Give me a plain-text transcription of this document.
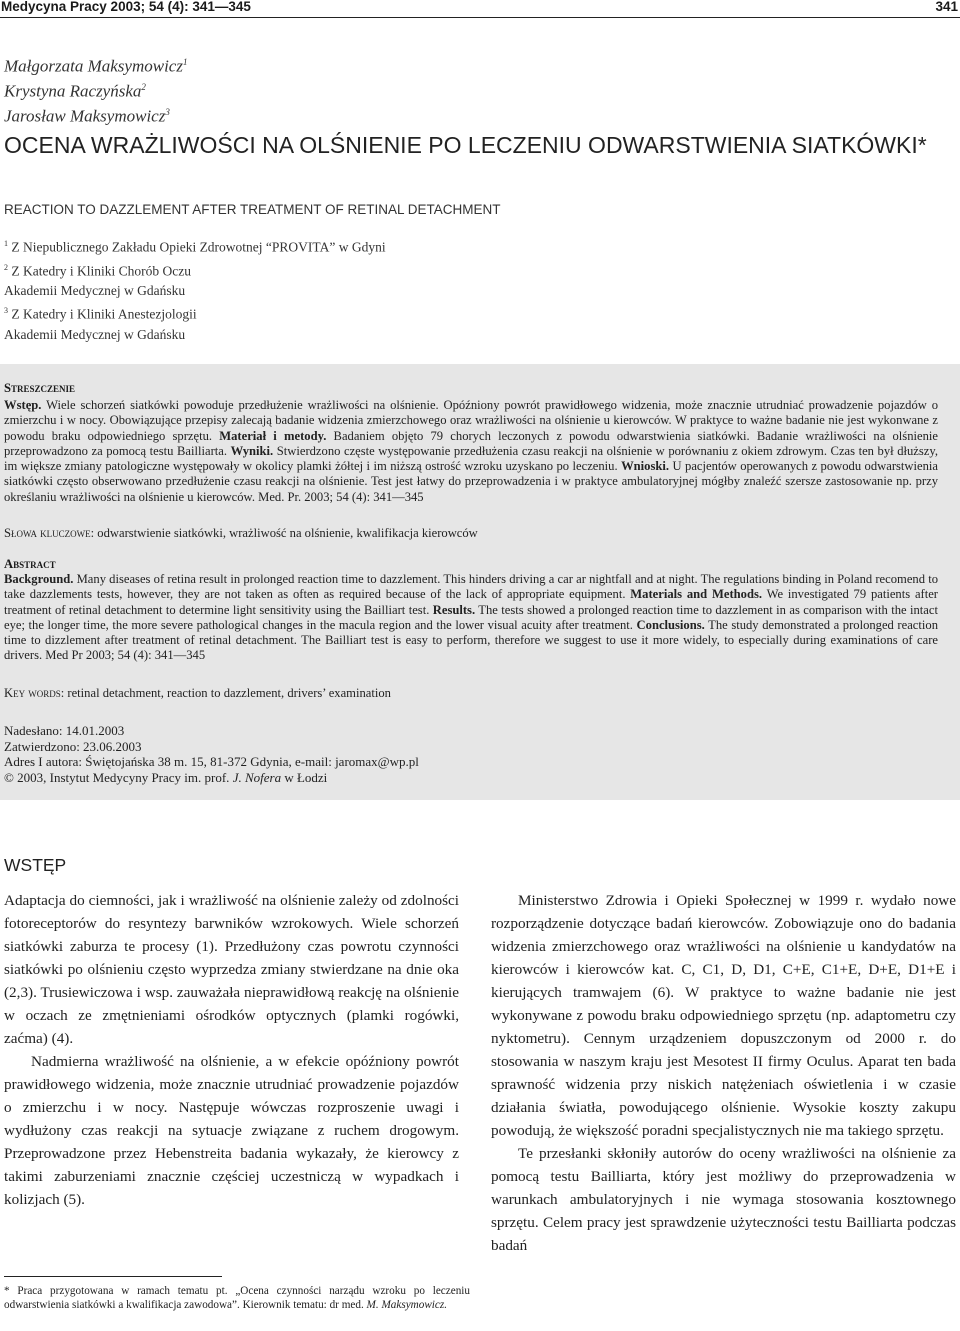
Medycyna Pracy 2003; 54 (4): 341—345	341
Małgorzata Maksymowicz$^1$
Krystyna Raczyńska$^2$
Jarosław Maksymowicz$^3$
OCENA WRAŻLIWOŚCI NA OLŚNIENIE PO LECZENIU ODWARSTWIENIA SIATKÓWKI*
REACTION TO DAZZLEMENT AFTER TREATMENT OF RETINAL DETACHMENT
$^1$ Z Niepublicznego Zakładu Opieki Zdrowotnej “PROVITA” w Gdyni
$^2$ Z Katedry i Kliniki Chorób Oczu
Akademii Medycznej w Gdańsku
$^3$ Z Katedry i Kliniki Anestezjologii
Akademii Medycznej w Gdańsku
Streszczenie
Wstęp. Wiele schorzeń siatkówki powoduje przedłużenie wrażliwości na olśnienie. Opóźniony powrót prawidłowego widzenia, może znacznie utrudniać prowadzenie pojazdów o zmierzchu i w nocy. Obowiązujące przepisy zalecają badanie widzenia zmierzchowego oraz wrażliwości na olśnienie u kierowców. W praktyce to ważne badanie nie jest wykonwane z powodu braku odpowiedniego sprzętu. Materiał i metody. Badaniem objęto 79 chorych leczonych z powodu odwarstwienia siatkówki. Badanie wrażliwości na olśnienie przeprowadzono za pomocą testu Bailliarta. Wyniki. Stwierdzono częste występowanie przedłużenia czasu reakcji na olśnienie w porównaniu z okiem zdrowym. Czas ten był dłuższy, im większe zmiany patologiczne występowały w okolicy plamki żółtej i im niższą ostrość wzroku uzyskano po leczeniu. Wnioski. U pacjentów operowanych z powodu odwarstwienia siatkówki często obserwowano przedłużenie czasu reakcji na olśnienie. Test jest łatwy do przeprowadzenia i w praktyce ambulatoryjnej mógłby znaleźć szersze zastosowanie np. przy określaniu wrażliwości na olśnienie u kierowców. Med. Pr. 2003; 54 (4): 341—345
Słowa kluczowe: odwarstwienie siatkówki, wrażliwość na olśnienie, kwalifikacja kierowców
Abstract
Background. Many diseases of retina result in prolonged reaction time to dazzlement. This hinders driving a car ar nightfall and at night. The regulations binding in Poland recomend to take dazzlements tests, however, they are not taken as often as required because of the lack of appropriate equipment. Materials and Methods. We investigated 79 patients after treatment of retinal detachment to determine light sensitivity using the Bailliart test. Results. The tests showed a prolonged reaction time to dazzlement in as comparison with the intact eye; the longer time, the more severe pathological changes in the macula region and the lower visual acuity after treatment. Conclusions. The study demonstrated a prolonged reaction time to dizzlement after treatment of retinal detachment. The Bailliart test is easy to perform, therefore we suggest to use it more widely, to especially during examinations of care drivers. Med Pr 2003; 54 (4): 341—345
Key words: retinal detachment, reaction to dazzlement, drivers’ examination
Nadesłano: 14.01.2003
Zatwierdzono: 23.06.2003
Adres I autora: Świętojańska 38 m. 15, 81-372 Gdynia, e-mail: jaromax@wp.pl
© 2003, Instytut Medycyny Pracy im. prof. J. Nofera w Łodzi
WSTĘP

Adaptacja do ciemności, jak i wrażliwość na olśnienie zależy od zdolności fotoreceptorów do resyntezy barwników wzrokowych. Wiele schorzeń siatkówki zaburza te procesy (1). Przedłużony czas powrotu czynności siatkówki po olśnieniu często wyprzedza zmiany stwierdzane na dnie oka (2,3). Trusiewiczowa i wsp. zauważała nieprawidłową reakcję na olśnienie w oczach ze zmętnieniami ośrodków optycznych (plamki rogówki, zaćma) (4).

Nadmierna wrażliwość na olśnienie, a w efekcie opóźniony powrót prawidłowego widzenia, może znacznie utrudniać prowadzenie pojazdów o zmierzchu i w nocy. Następuje wówczas rozproszenie uwagi i wydłużony czas reakcji na sytuacje związane z ruchem drogowym. Przeprowadzone przez Hebenstreita badania wykazały, że kierowcy z takimi zaburzeniami znacznie częściej uczestniczą w wypadkach i kolizjach (5).

Ministerstwo Zdrowia i Opieki Społecznej w 1999 r. wydało nowe rozporządzenie dotyczące badań kierowców. Zobowiązuje ono do badania widzenia zmierzchowego oraz wrażliwości na olśnienie u kandydatów na kierowców i kierowców kat. C, C1, D, D1, C+E, C1+E, D+E, D1+E i kierujących tramwajem (6). W praktyce to ważne badanie nie jest wykonywane z powodu braku odpowiedniego sprzętu (np. adaptometru czy nyktometru). Cennym urządzeniem dopuszczonym od 2000 r. do stosowania w naszym kraju jest Mesotest II firmy Oculus. Aparat ten bada sprawność widzenia przy niskich natężeniach oświetlenia i w czasie działania światła, powodującego olśnienie. Wysokie koszty zakupu powodują, że większość poradni specjalistycznych nie ma takiego sprzętu.

Te przesłanki skłoniły autorów do oceny wrażliwości na olśnienie za pomocą testu Bailliarta, który jest możliwy do przeprowadzenia w warunkach ambulatoryjnych i nie wymaga stosowania kosztownego sprzętu. Celem pracy jest sprawdzenie użyteczności testu Bailliarta podczas badań

* Praca przygotowana w ramach tematu pt. „Ocena czynności narządu wzroku po leczeniu odwarstwienia siatkówki a kwalifikacja zawodowa”. Kierownik tematu: dr med. M. Maksymowicz.
